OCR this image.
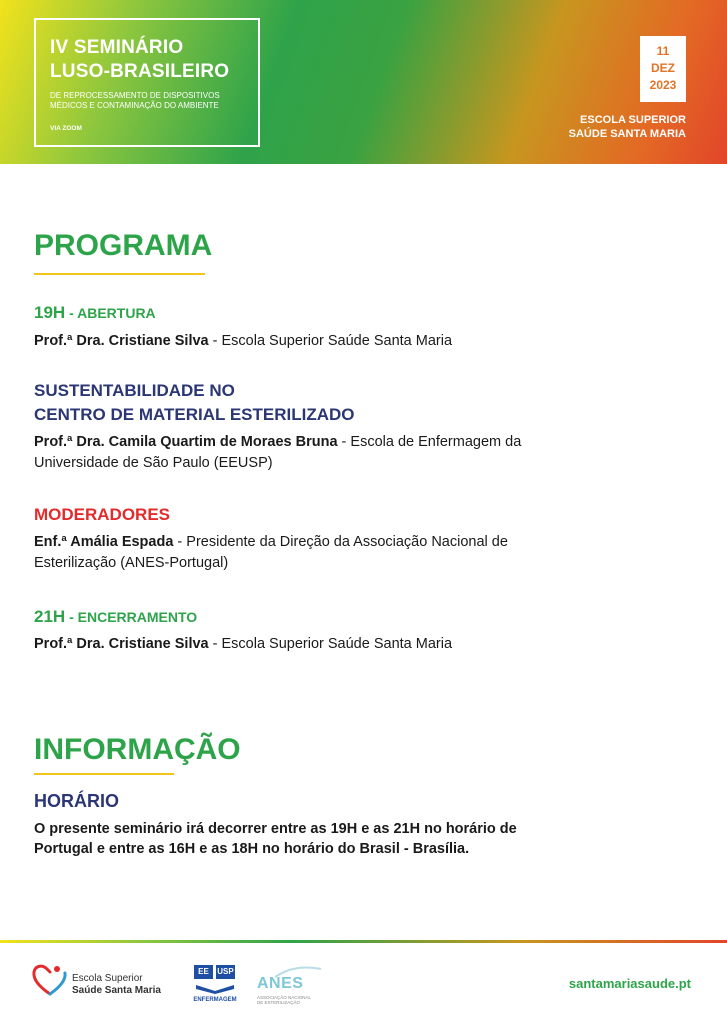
IV SEMINÁRIO
LUSO-BRASILEIRO
DE REPROCESSAMENTO DE DISPOSITIVOS
MÉDICOS E CONTAMINAÇÃO DO AMBIENTE
VIA ZOOM
11
DEZ
2023
ESCOLA SUPERIOR
SAÚDE SANTA MARIA
PROGRAMA
19H - ABERTURA
Prof.ª Dra. Cristiane Silva - Escola Superior Saúde Santa Maria
SUSTENTABILIDADE NO
CENTRO DE MATERIAL ESTERILIZADO
Prof.ª Dra. Camila Quartim de Moraes Bruna - Escola de Enfermagem da
Universidade de São Paulo (EEUSP)
MODERADORES
Enf.ª Amália Espada - Presidente da Direção da Associação Nacional de
Esterilização (ANES-Portugal)
21H - ENCERRAMENTO
Prof.ª Dra. Cristiane Silva - Escola Superior Saúde Santa Maria
INFORMAÇÃO
HORÁRIO
O presente seminário irá decorrer entre as 19H e as 21H no horário de
Portugal e entre as 16H e as 18H no horário do Brasil - Brasília.
Escola Superior
Saúde Santa Maria
EE	USP
ENFERMAGEM
ANES
ASSOCIAÇÃO NACIONAL DE ESTERILIZAÇÃO
santamariasaude.pt
